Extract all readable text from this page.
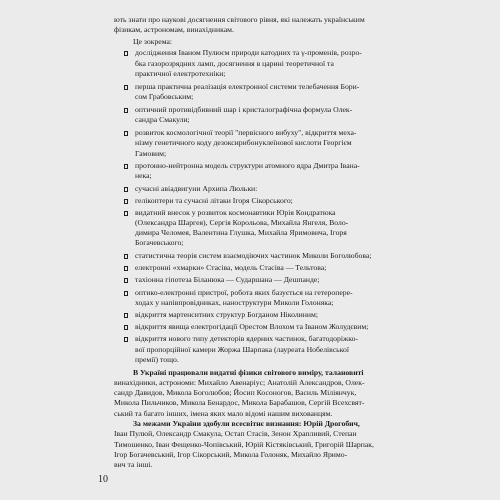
ють знати про наукові досягнення світового рівня, які належать українським
фізикам, астрономам, винахідникам.
Це зокрема:
дослідження Іваном Пулюєм природи катодних та γ-променів, розро-
бка газорозрядних ламп, досягнення в царині теоретичної та
практичної електротехніки;
перша практична реалізація електронної системи телебачення Бори-
сом Грабовським;
оптичний противідбивний шар і кристалографічна формула Олек-
сандра Смакули;
розвиток космологічної теорії "первісного вибуху", відкриття меха-
нізму генетичного коду дезоксирибонуклеїнової кислоти Георгієм
Гамовим;
протонно-нейтронна модель структури атомного ядра Дмитра Івана-
нека;
сучасні авіадвигуни Архипа Люльки:
гелікоптери та сучасні літаки Ігоря Сікорського;
видатний внесок у розвиток космонавтики Юрія Кондратюка
(Олександра Шаргея), Сергія Корольова, Михайла Янгеля, Воло-
димира Челомея, Валентина Глушка, Михайла Яримовича, Ігоря
Богачевського;
статистична теорія систем взаємодіючих частинок Миколи Боголюбова;
електронні «хмарки» Стасіва, модель Стасіва — Тельтова;
тахіонна гіпотеза Біланюка — Сударшана — Дешпанде;
оптико-електронні пристрої, робота яких базується на гетеропере-
ходах у напівпровідниках, наноструктури Миколи Голоняка;
відкриття мартенситних структур Богданом Ніколиним;
відкриття явища електрогідації Орестом Влохом та Іваном Жолудєвим;
відкриття нового типу детекторів ядерних частинок, багатодоріжко-
вої пропорційної камери Жоржа Шарпака (лауреата Нобелівської
премії) тощо.
В Україні працювали видатні фізики світового виміру, талановиті
винахідники, астрономи: Михайло Авенаріус; Анатолій Александров, Олек-
сандр Давидов, Микола Боголюбов; Йосип Косоногов, Василь Міліянчук,
Микола Пильчиков, Микола Бенардос, Микола Барабашов, Сергій Всехсвят-
ський та багато інших, імена яких мало відомі нашим вихованцям.
За межами України здобули всесвітнє визнання: Юрій Дрогобич,
Іван Пулюй, Олександр Смакула, Остап Стасів, Зенон Храпливий, Степан
Тимошенко, Іван Фещенко-Чопівський, Юрій Кістяківський, Григорій Шарпак,
Ігор Богачевський, Ігор Сікорський, Микола Голоняк, Михайло Яримо-
вич та інші.
10
